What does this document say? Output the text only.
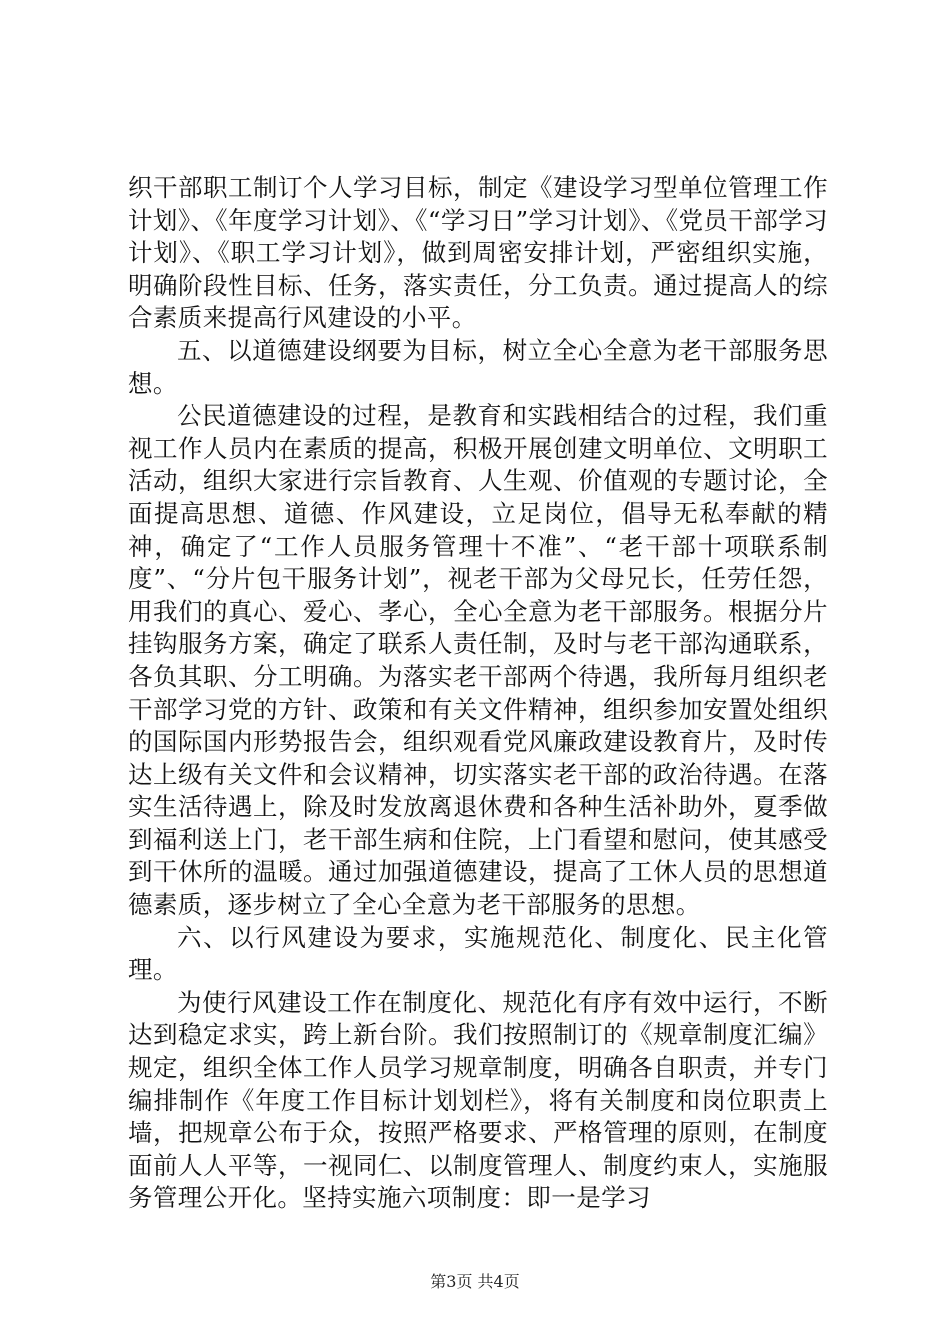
织干部职工制订个人学习目标，制定《建设学习型单位管理工作计划》、《年度学习计划》、《“学习日”学习计划》、《党员干部学习计划》、《职工学习计划》，做到周密安排计划，严密组织实施，明确阶段性目标、任务，落实责任，分工负责。通过提高人的综合素质来提高行风建设的小平。

五、以道德建设纲要为目标，树立全心全意为老干部服务思想。

公民道德建设的过程，是教育和实践相结合的过程，我们重视工作人员内在素质的提高，积极开展创建文明单位、文明职工活动，组织大家进行宗旨教育、人生观、价值观的专题讨论，全面提高思想、道德、作风建设，立足岗位，倡导无私奉献的精神，确定了“工作人员服务管理十不准”、“老干部十项联系制度”、“分片包干服务计划”，视老干部为父母兄长，任劳任怨，用我们的真心、爱心、孝心，全心全意为老干部服务。根据分片挂钩服务方案，确定了联系人责任制，及时与老干部沟通联系，各负其职、分工明确。为落实老干部两个待遇，我所每月组织老干部学习党的方针、政策和有关文件精神，组织参加安置处组织的国际国内形势报告会，组织观看党风廉政建设教育片，及时传达上级有关文件和会议精神，切实落实老干部的政治待遇。在落实生活待遇上，除及时发放离退休费和各种生活补助外，夏季做到福利送上门，老干部生病和住院，上门看望和慰问，使其感受到干休所的温暖。通过加强道德建设，提高了工休人员的思想道德素质，逐步树立了全心全意为老干部服务的思想。

六、以行风建设为要求，实施规范化、制度化、民主化管理。

为使行风建设工作在制度化、规范化有序有效中运行，不断达到稳定求实，跨上新台阶。我们按照制订的《规章制度汇编》规定，组织全体工作人员学习规章制度，明确各自职责，并专门编排制作《年度工作目标计划划栏》，将有关制度和岗位职责上墙，把规章公布于众，按照严格要求、严格管理的原则，在制度面前人人平等，一视同仁、以制度管理人、制度约束人，实施服务管理公开化。坚持实施六项制度：即一是学习

第3页 共4页
